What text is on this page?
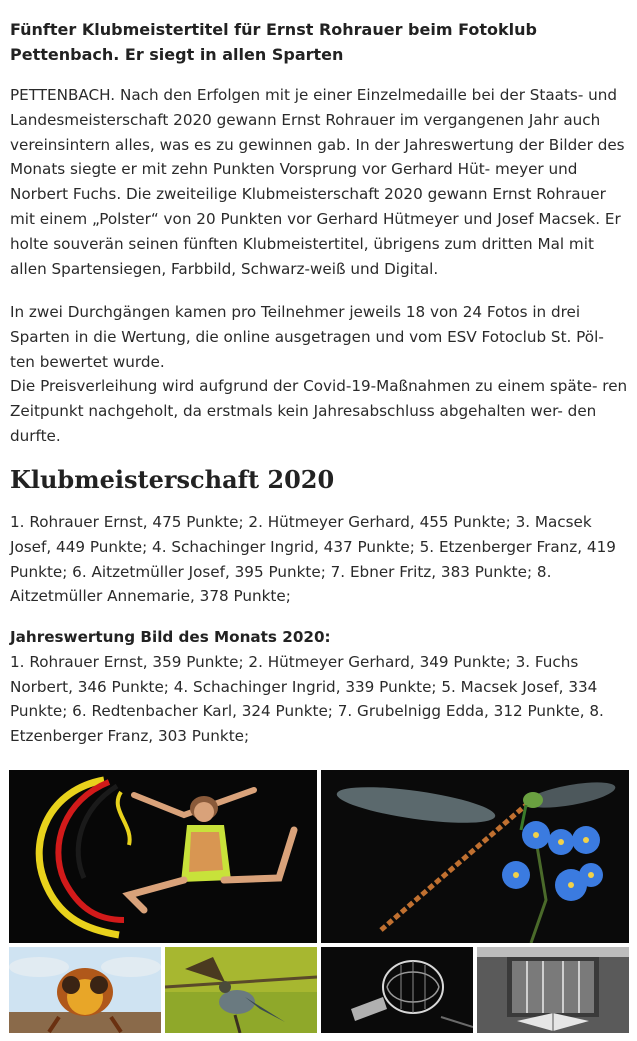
Fünfter Klubmeistertitel für Ernst Rohrauer beim Fotoklub Pettenbach. Er siegt in allen Sparten
PETTENBACH. Nach den Erfolgen mit je einer Einzelmedaille bei der Staats- und Landesmeisterschaft 2020 gewann Ernst Rohrauer im vergangenen Jahr auch vereinsintern alles, was es zu gewinnen gab. In der Jahreswertung der Bilder des Monats siegte er mit zehn Punkten Vorsprung vor Gerhard Hüt- meyer und Norbert Fuchs. Die zweiteilige Klubmeisterschaft 2020 gewann Ernst Rohrauer mit einem „Polster“ von 20 Punkten vor Gerhard Hütmeyer und Josef Macsek. Er holte souverän seinen fünften Klubmeistertitel, übrigens zum dritten Mal mit allen Spartensiegen, Farbbild, Schwarz-weiß und Digital.
In zwei Durchgängen kamen pro Teilnehmer jeweils 18 von 24 Fotos in drei Sparten in die Wertung, die online ausgetragen und vom ESV Fotoclub St. Pöl- ten bewertet wurde.
Die Preisverleihung wird aufgrund der Covid-19-Maßnahmen zu einem späte- ren Zeitpunkt nachgeholt, da erstmals kein Jahresabschluss abgehalten wer- den durfte.
Klubmeisterschaft 2020
1. Rohrauer Ernst, 475 Punkte; 2. Hütmeyer Gerhard, 455 Punkte; 3. Macsek Josef, 449 Punkte; 4. Schachinger Ingrid, 437 Punkte; 5. Etzenberger Franz, 419 Punkte; 6. Aitzetmüller Josef, 395 Punkte; 7. Ebner Fritz, 383 Punkte; 8. Aitzetmüller Annemarie, 378 Punkte;
Jahreswertung Bild des Monats 2020:
1. Rohrauer Ernst, 359 Punkte; 2. Hütmeyer Gerhard, 349 Punkte; 3. Fuchs Norbert, 346 Punkte; 4. Schachinger Ingrid, 339 Punkte; 5. Macsek Josef, 334 Punkte; 6. Redtenbacher Karl, 324 Punkte; 7. Grubelnigg Edda, 312 Punkte, 8. Etzenberger Franz, 303 Punkte;
